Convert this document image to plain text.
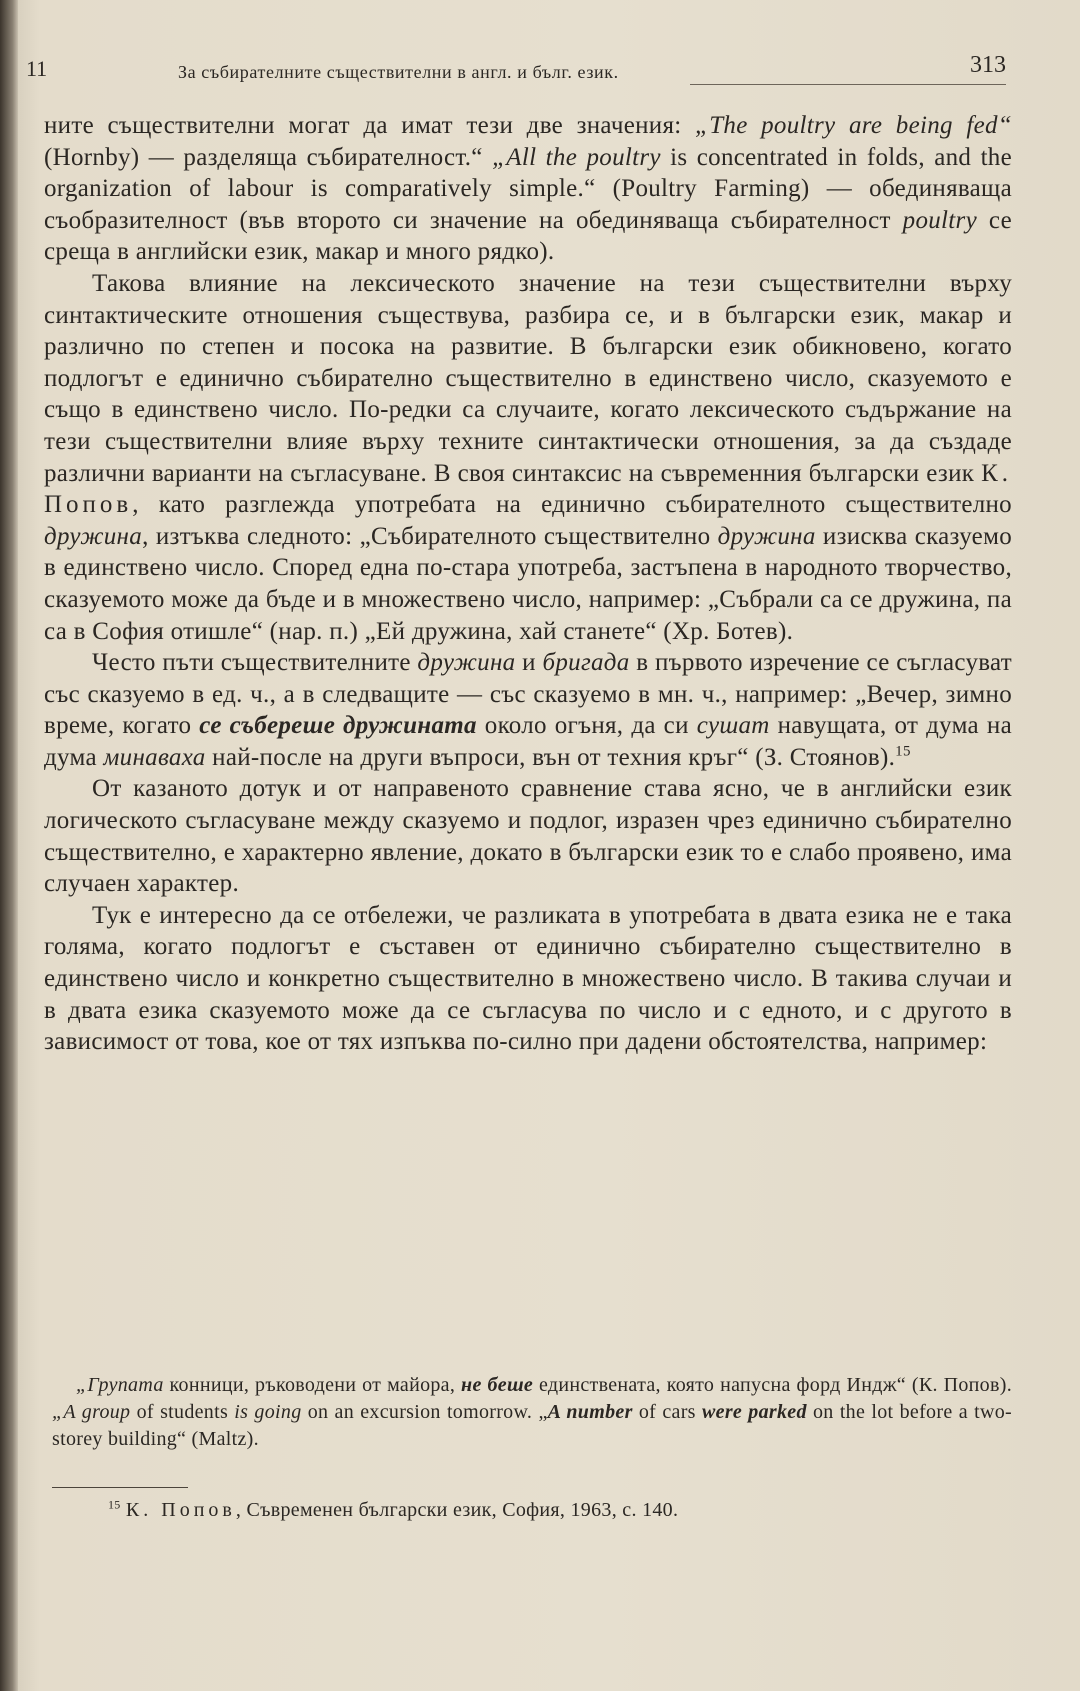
11	За събирателните съществителни в англ. и бълг. език.	313

ните съществителни могат да имат тези две значения: „The poultry are being fed“ (Hornby) — разделяща събирателност.“ „All the poultry is concentrated in folds, and the organization of labour is comparatively simple.“ (Poultry Farming) — обединяваща съобразителност (във второто си значение на обединяваща събирателност poultry се среща в английски език, макар и много рядко).

Такова влияние на лексическото значение на тези съществителни върху синтактическите отношения съществува, разбира се, и в български език, макар и различно по степен и посока на развитие. В български език обикновено, когато подлогът е единично събирателно съществително в единствено число, сказуемото е също в единствено число. По-редки са случаите, когато лексическото съдържание на тези съществителни влияе върху техните синтактически отношения, за да създаде различни варианти на съгласуване. В своя синтаксис на съвременния български език К. Попов, като разглежда употребата на единично събирателното съществително дружина, изтъква следното: „Събирателното съществително дружина изисква сказуемо в единствено число. Според една по-стара употреба, застъпена в народното творчество, сказуемото може да бъде и в множествено число, например: „Събрали са се дружина, па са в София отишле“ (нар. п.) „Ей дружина, хай станете“ (Хр. Ботев).

Често пъти съществителните дружина и бригада в първото изречение се съгласуват със сказуемо в ед. ч., а в следващите — със сказуемо в мн. ч., например: „Вечер, зимно време, когато се събеpеше дружината около огъня, да си сушат навущата, от дума на дума минаваха най-после на други въпроси, вън от техния кръг“ (З. Стоянов).$^{15}$

От казаното дотук и от направеното сравнение става ясно, че в английски език логическото съгласуване между сказуемо и подлог, изразен чрез единично събирателно съществително, е характерно явление, докато в български език то е слабо проявено, има случаен характер.

Тук е интересно да се отбележи, че разликата в употребата в двата езика не е така голяма, когато подлогът е съставен от единично събирателно съществително в единствено число и конкретно съществително в множествено число. В такива случаи и в двата езика сказуемото може да се съгласува по число и с едното, и с другото в зависимост от това, кое от тях изпъква по-силно при дадени обстоятелства, например:

„Групата конници, ръководени от майора, не беше единствената, която напусна форд Индж“ (К. Попов). „A group of students is going on an excursion tomorrow. „A number of cars were parked on the lot before a two-storey building“ (Maltz).

$^{15}$ К. Попов, Съвременен български език, София, 1963, с. 140.
